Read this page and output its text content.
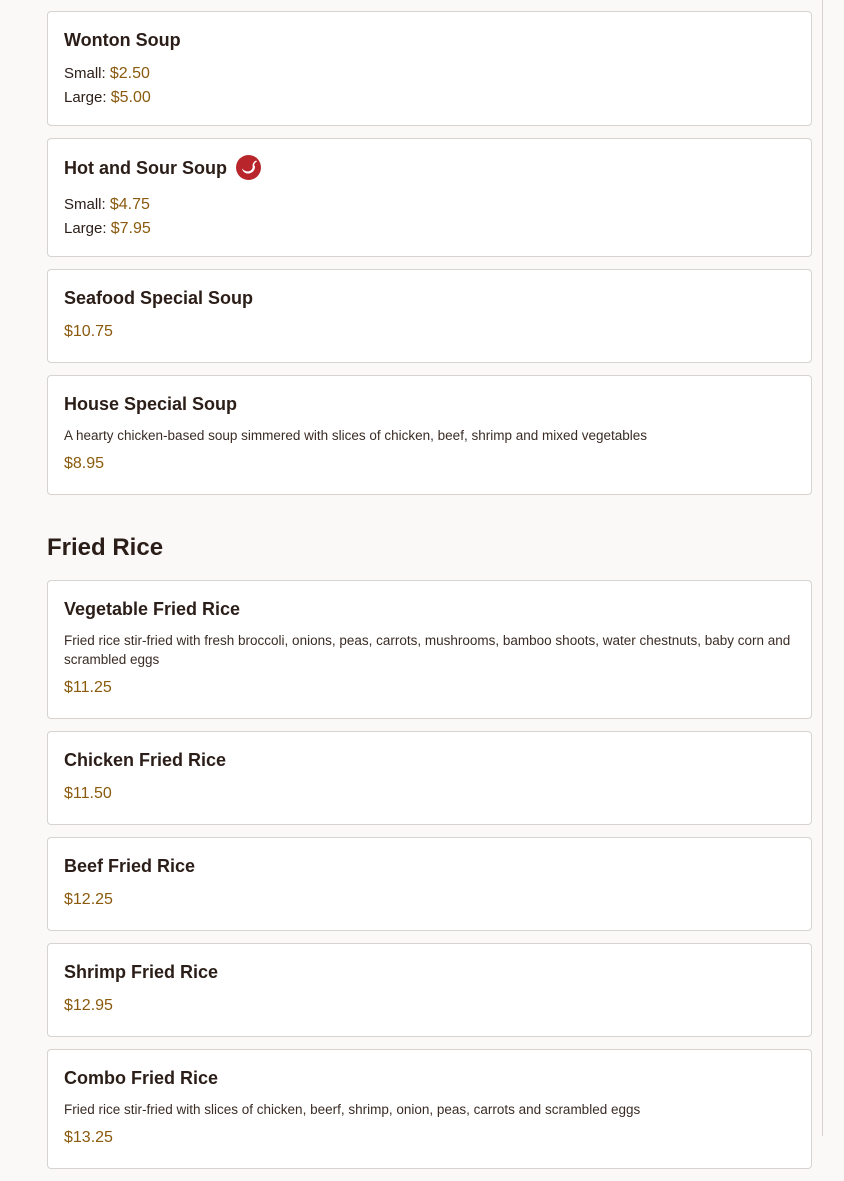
Wonton Soup
Small: $2.50
Large: $5.00
Hot and Sour Soup
Small: $4.75
Large: $7.95
Seafood Special Soup
$10.75
House Special Soup
A hearty chicken-based soup simmered with slices of chicken, beef, shrimp and mixed vegetables
$8.95
Fried Rice
Vegetable Fried Rice
Fried rice stir-fried with fresh broccoli, onions, peas, carrots, mushrooms, bamboo shoots, water chestnuts, baby corn and scrambled eggs
$11.25
Chicken Fried Rice
$11.50
Beef Fried Rice
$12.25
Shrimp Fried Rice
$12.95
Combo Fried Rice
Fried rice stir-fried with slices of chicken, beerf, shrimp, onion, peas, carrots and scrambled eggs
$13.25
